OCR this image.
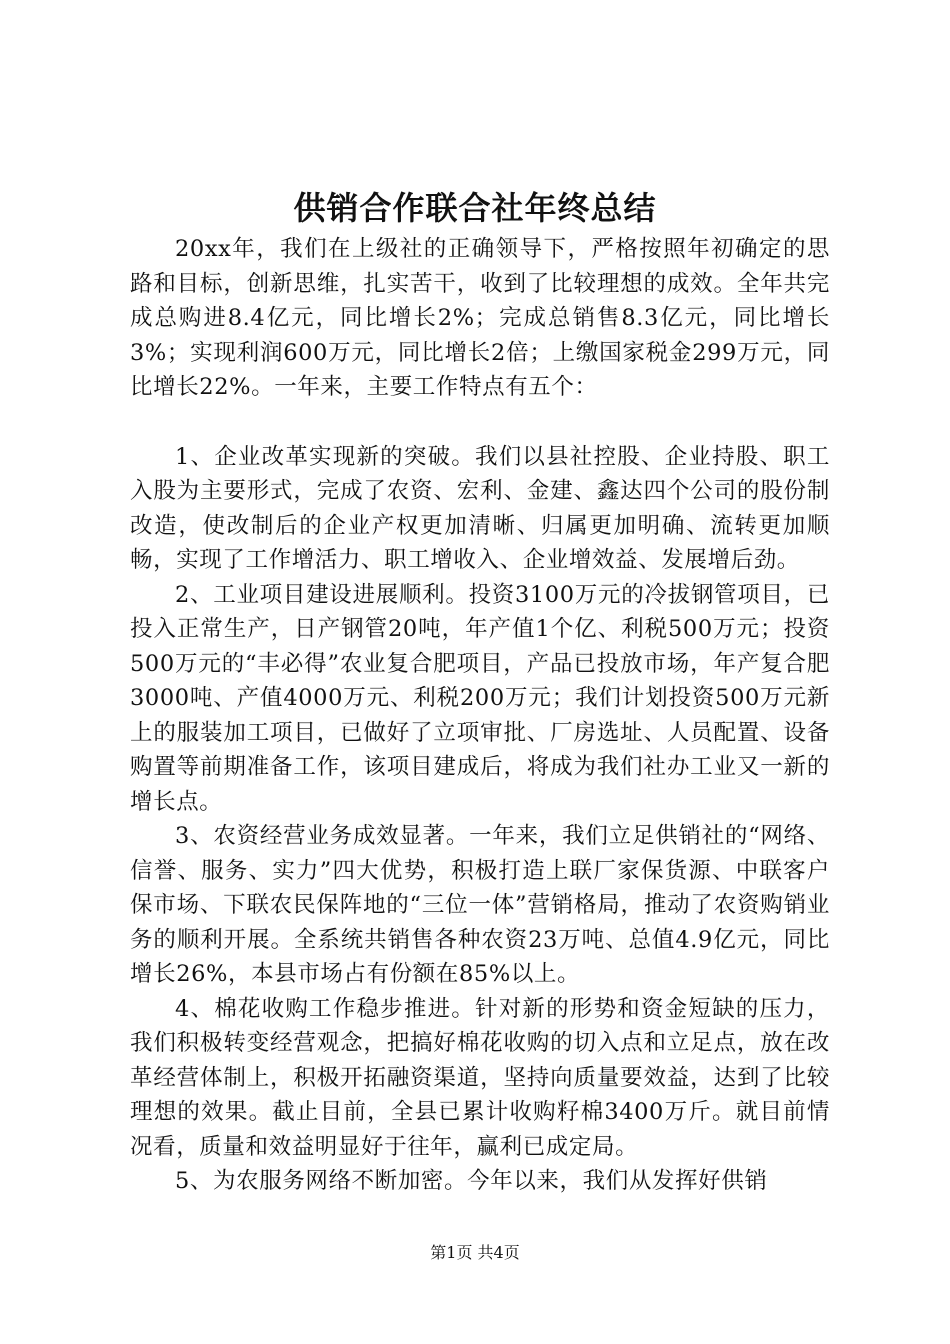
供销合作联合社年终总结

20xx年，我们在上级社的正确领导下，严格按照年初确定的思路和目标，创新思维，扎实苦干，收到了比较理想的成效。全年共完成总购进8.4亿元，同比增长2%；完成总销售8.3亿元，同比增长3%；实现利润600万元，同比增长2倍；上缴国家税金299万元，同比增长22%。一年来，主要工作特点有五个：

1、企业改革实现新的突破。我们以县社控股、企业持股、职工入股为主要形式，完成了农资、宏利、金建、鑫达四个公司的股份制改造，使改制后的企业产权更加清晰、归属更加明确、流转更加顺畅，实现了工作增活力、职工增收入、企业增效益、发展增后劲。

2、工业项目建设进展顺利。投资3100万元的冷拔钢管项目，已投入正常生产，日产钢管20吨，年产值1个亿、利税500万元；投资500万元的“丰必得”农业复合肥项目，产品已投放市场，年产复合肥3000吨、产值4000万元、利税200万元；我们计划投资500万元新上的服装加工项目，已做好了立项审批、厂房选址、人员配置、设备购置等前期准备工作，该项目建成后，将成为我们社办工业又一新的增长点。

3、农资经营业务成效显著。一年来，我们立足供销社的“网络、信誉、服务、实力”四大优势，积极打造上联厂家保货源、中联客户保市场、下联农民保阵地的“三位一体”营销格局，推动了农资购销业务的顺利开展。全系统共销售各种农资23万吨、总值4.9亿元，同比增长26%，本县市场占有份额在85%以上。

4、棉花收购工作稳步推进。针对新的形势和资金短缺的压力，我们积极转变经营观念，把搞好棉花收购的切入点和立足点，放在改革经营体制上，积极开拓融资渠道，坚持向质量要效益，达到了比较理想的效果。截止目前，全县已累计收购籽棉3400万斤。就目前情况看，质量和效益明显好于往年，赢利已成定局。

5、为农服务网络不断加密。今年以来，我们从发挥好供销

第1页 共4页
